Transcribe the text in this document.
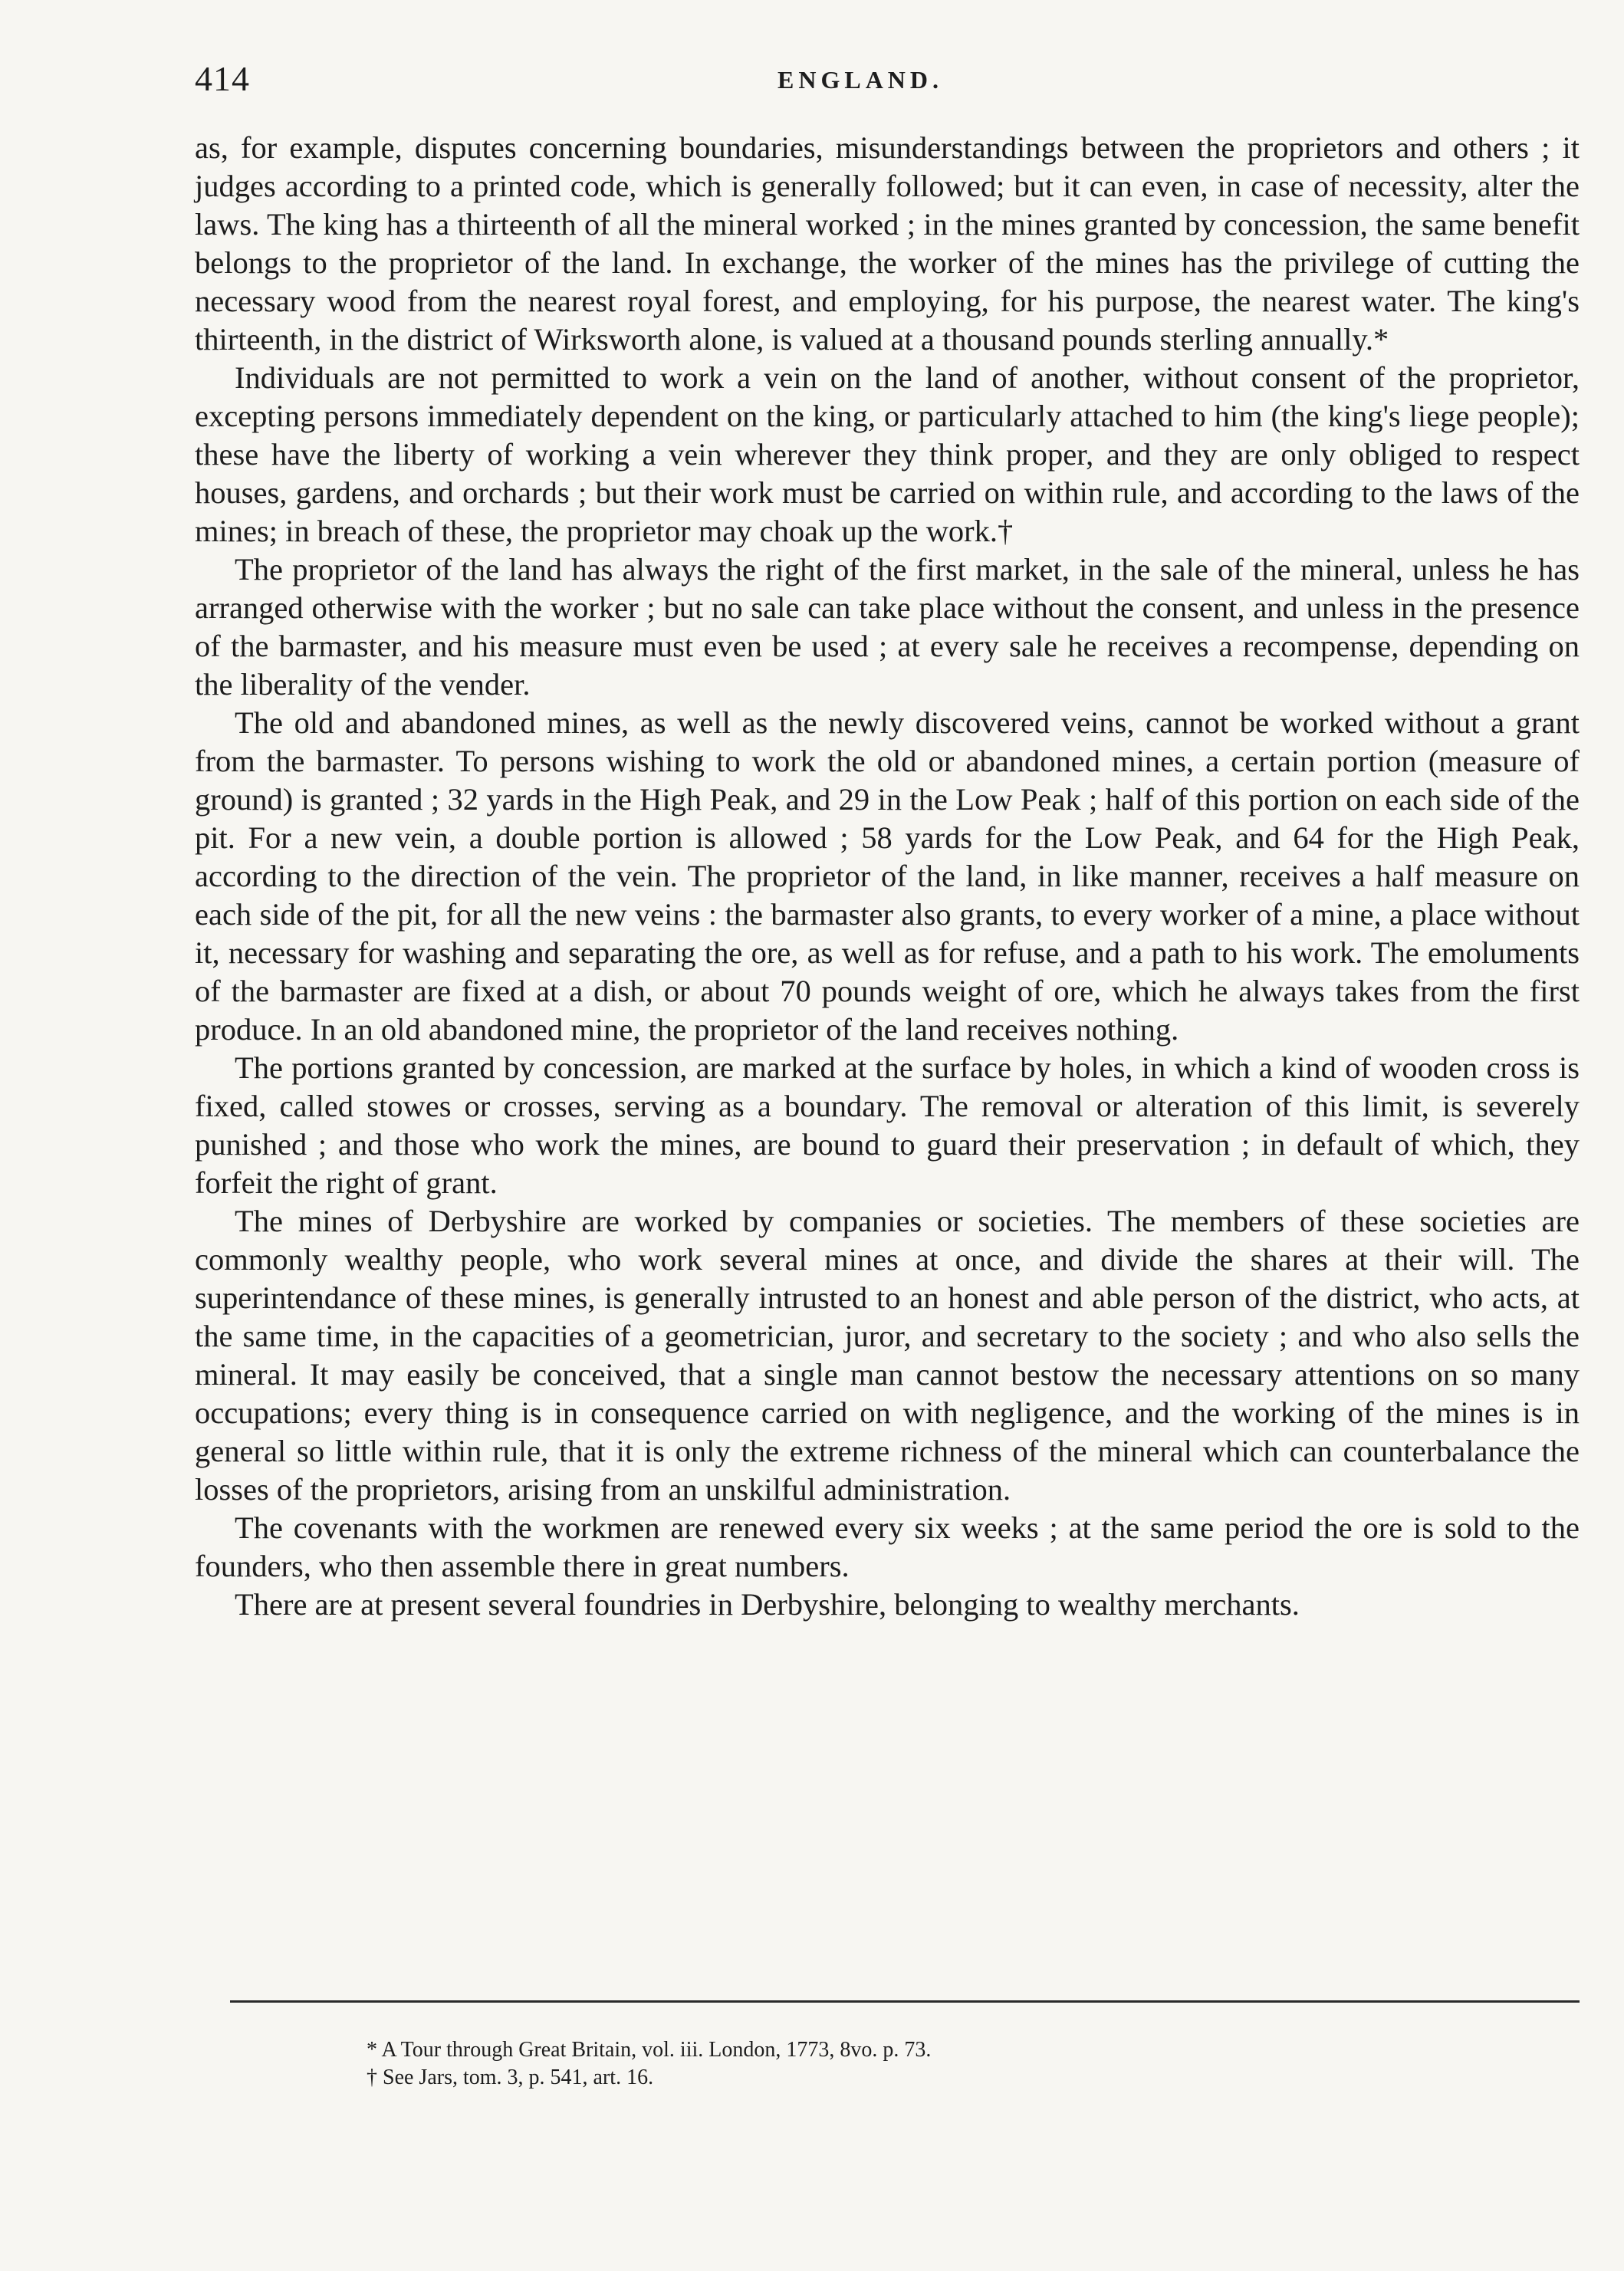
414	ENGLAND.

as, for example, disputes concerning boundaries, misunderstandings between the proprietors and others ; it judges according to a printed code, which is generally followed; but it can even, in case of necessity, alter the laws. The king has a thirteenth of all the mineral worked ; in the mines granted by concession, the same benefit belongs to the proprietor of the land. In exchange, the worker of the mines has the privilege of cutting the necessary wood from the nearest royal forest, and employing, for his purpose, the nearest water. The king's thirteenth, in the district of Wirksworth alone, is valued at a thousand pounds sterling annually.*

Individuals are not permitted to work a vein on the land of another, without consent of the proprietor, excepting persons immediately dependent on the king, or particularly attached to him (the king's liege people); these have the liberty of working a vein wherever they think proper, and they are only obliged to respect houses, gardens, and orchards ; but their work must be carried on within rule, and according to the laws of the mines; in breach of these, the proprietor may choak up the work.†

The proprietor of the land has always the right of the first market, in the sale of the mineral, unless he has arranged otherwise with the worker ; but no sale can take place without the consent, and unless in the presence of the barmaster, and his measure must even be used ; at every sale he receives a recompense, depending on the liberality of the vender.

The old and abandoned mines, as well as the newly discovered veins, cannot be worked without a grant from the barmaster. To persons wishing to work the old or abandoned mines, a certain portion (measure of ground) is granted ; 32 yards in the High Peak, and 29 in the Low Peak ; half of this portion on each side of the pit. For a new vein, a double portion is allowed ; 58 yards for the Low Peak, and 64 for the High Peak, according to the direction of the vein. The proprietor of the land, in like manner, receives a half measure on each side of the pit, for all the new veins : the barmaster also grants, to every worker of a mine, a place without it, necessary for washing and separating the ore, as well as for refuse, and a path to his work. The emoluments of the barmaster are fixed at a dish, or about 70 pounds weight of ore, which he always takes from the first produce. In an old abandoned mine, the proprietor of the land receives nothing.

The portions granted by concession, are marked at the surface by holes, in which a kind of wooden cross is fixed, called stowes or crosses, serving as a boundary. The removal or alteration of this limit, is severely punished ; and those who work the mines, are bound to guard their preservation ; in default of which, they forfeit the right of grant.

The mines of Derbyshire are worked by companies or societies. The members of these societies are commonly wealthy people, who work several mines at once, and divide the shares at their will. The superintendance of these mines, is generally intrusted to an honest and able person of the district, who acts, at the same time, in the capacities of a geometrician, juror, and secretary to the society ; and who also sells the mineral. It may easily be conceived, that a single man cannot bestow the necessary attentions on so many occupations; every thing is in consequence carried on with negligence, and the working of the mines is in general so little within rule, that it is only the extreme richness of the mineral which can counterbalance the losses of the proprietors, arising from an unskilful administration.

The covenants with the workmen are renewed every six weeks ; at the same period the ore is sold to the founders, who then assemble there in great numbers.

There are at present several foundries in Derbyshire, belonging to wealthy merchants.

* A Tour through Great Britain, vol. iii. London, 1773, 8vo. p. 73.

† See Jars, tom. 3, p. 541, art. 16.
